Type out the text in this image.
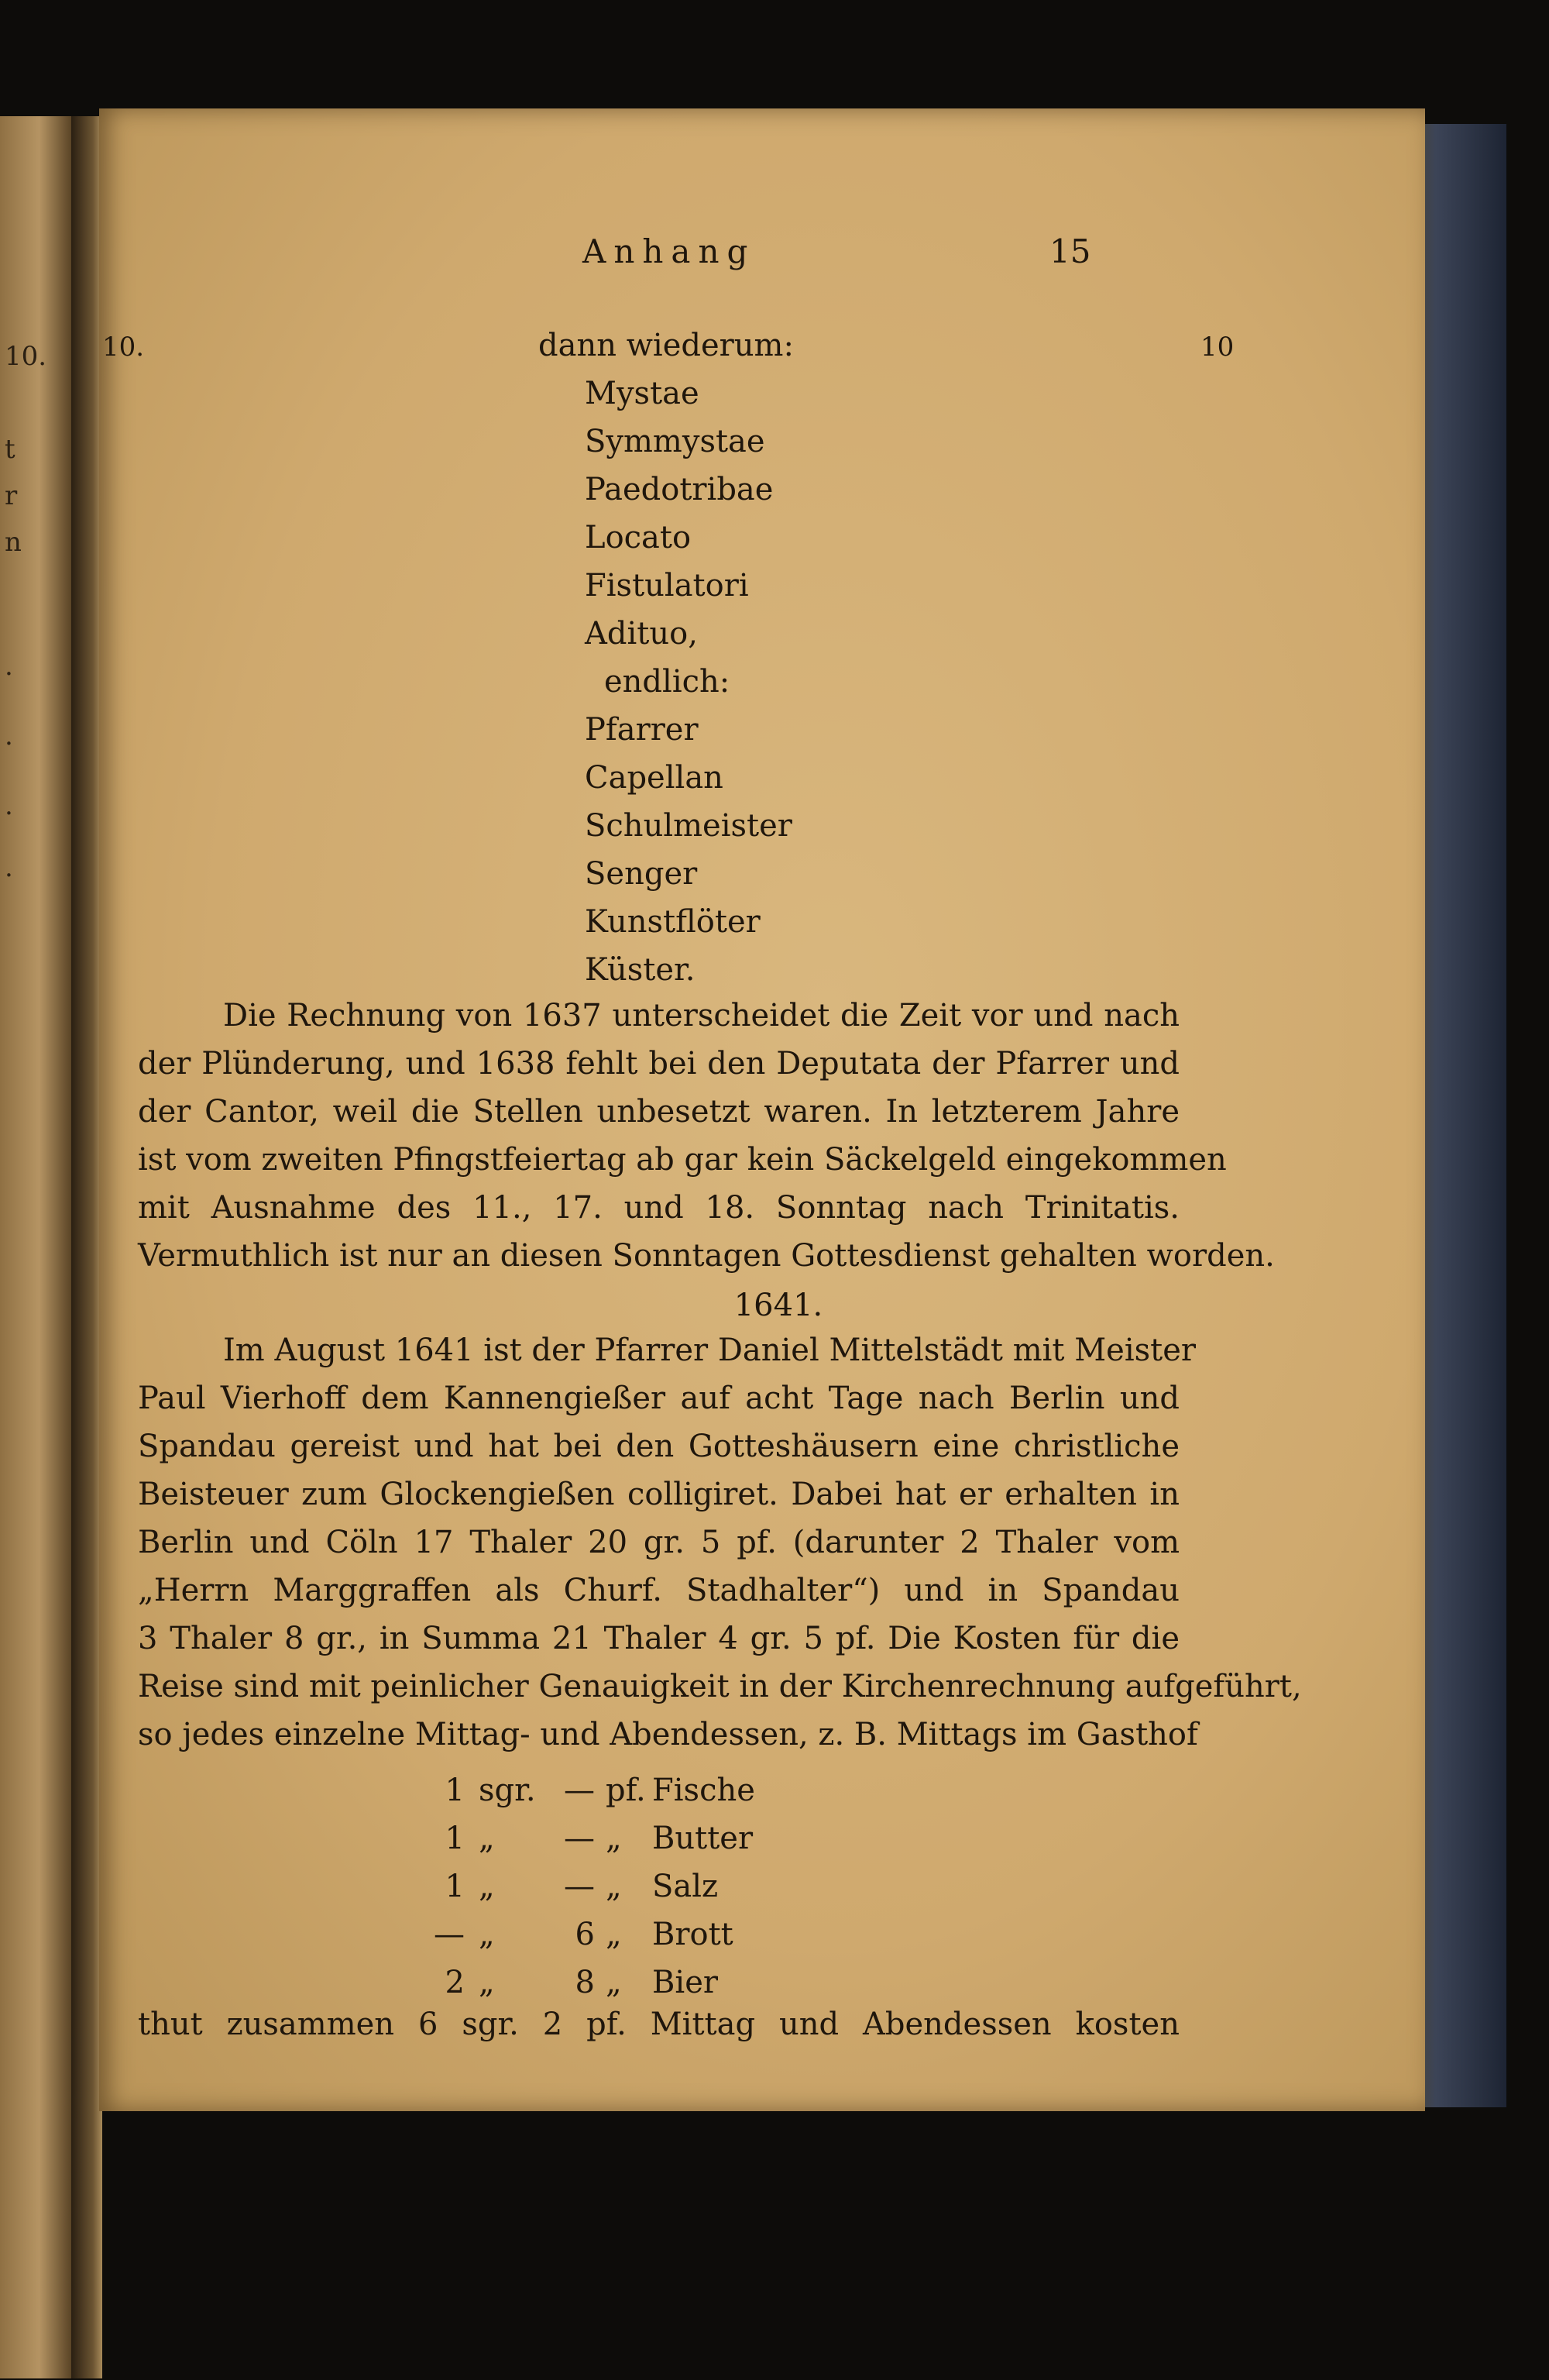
10.
t
r
n
.
.
.
.
Anhang	15
10.	10
dann wiederum:
Mystae
Symmystae
Paedotribae
Locato
Fistulatori
Adituo,
endlich:
Pfarrer
Capellan
Schulmeister
Senger
Kunstflöter
Küster.
Die Rechnung von 1637 unterscheidet die Zeit vor und nach
der Plünderung, und 1638 fehlt bei den Deputata der Pfarrer und
der Cantor, weil die Stellen unbesetzt waren. In letzterem Jahre
ist vom zweiten Pfingstfeiertag ab gar kein Säckelgeld eingekommen
mit Ausnahme des 11., 17. und 18. Sonntag nach Trinitatis.
Vermuthlich ist nur an diesen Sonntagen Gottesdienst gehalten worden.
1641.
Im August 1641 ist der Pfarrer Daniel Mittelstädt mit Meister
Paul Vierhoff dem Kannengießer auf acht Tage nach Berlin und
Spandau gereist und hat bei den Gotteshäusern eine christliche
Beisteuer zum Glockengießen colligiret. Dabei hat er erhalten in
Berlin und Cöln 17 Thaler 20 gr. 5 pf. (darunter 2 Thaler vom
„Herrn Marggraffen als Churf. Stadhalter“) und in Spandau
3 Thaler 8 gr., in Summa 21 Thaler 4 gr. 5 pf. Die Kosten für die
Reise sind mit peinlicher Genauigkeit in der Kirchenrechnung aufgeführt,
so jedes einzelne Mittag- und Abendessen, z. B. Mittags im Gasthof
	1	sgr.	—	pf.	Fische
	1	„	—	„	Butter
	1	„	—	„	Salz
	—	„	6	„	Brott
	2	„	8	„	Bier
thut zusammen 6 sgr. 2 pf. Mittag und Abendessen kosten
